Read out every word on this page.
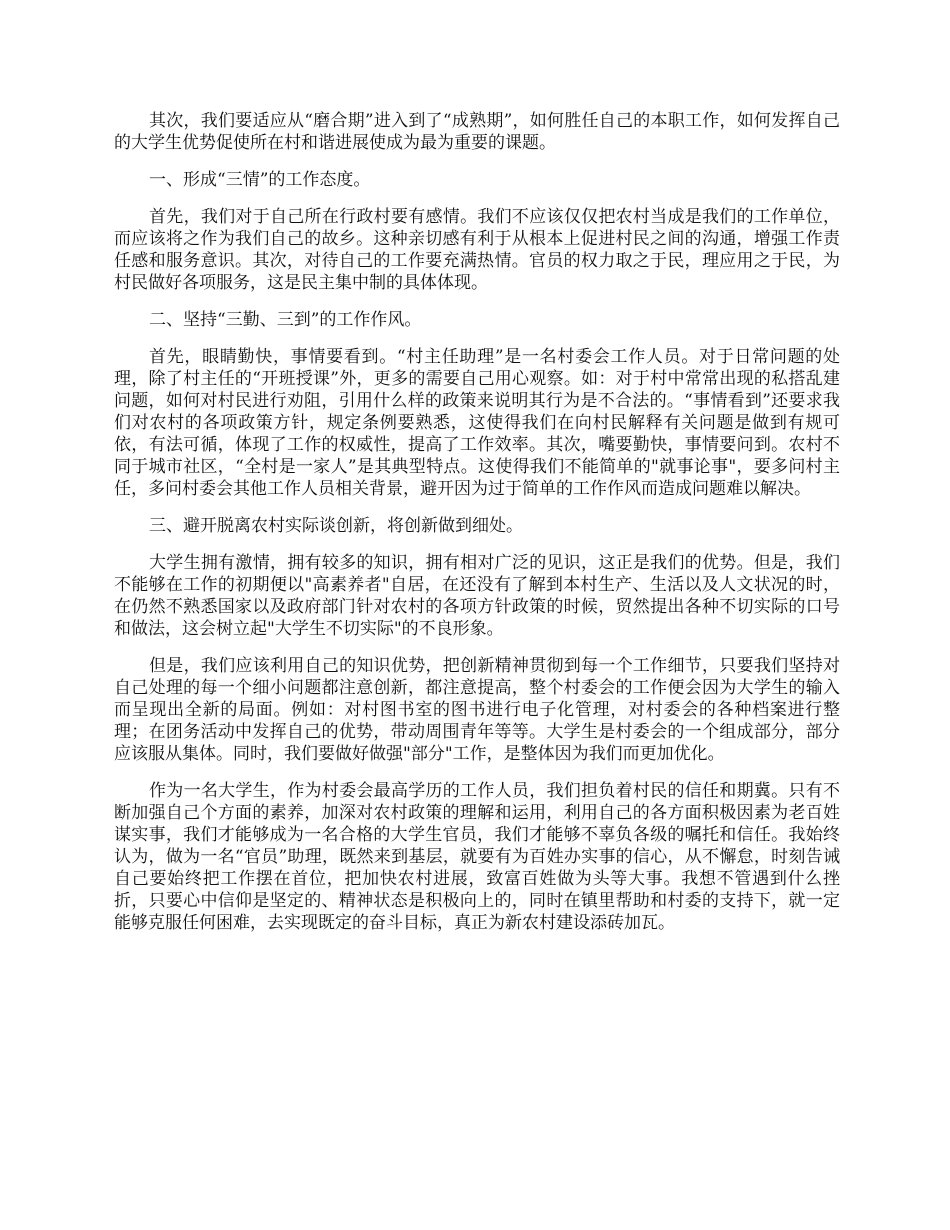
其次，我们要适应从“磨合期”进入到了“成熟期”，如何胜任自己的本职工作，如何发挥自己的大学生优势促使所在村和谐进展使成为最为重要的课题。

一、形成“三情”的工作态度。

首先，我们对于自己所在行政村要有感情。我们不应该仅仅把农村当成是我们的工作单位，而应该将之作为我们自己的故乡。这种亲切感有利于从根本上促进村民之间的沟通，增强工作责任感和服务意识。其次，对待自己的工作要充满热情。官员的权力取之于民，理应用之于民，为村民做好各项服务，这是民主集中制的具体体现。

二、坚持“三勤、三到”的工作作风。

首先，眼睛勤快，事情要看到。“村主任助理”是一名村委会工作人员。对于日常问题的处理，除了村主任的“开班授课”外，更多的需要自己用心观察。如：对于村中常常出现的私搭乱建问题，如何对村民进行劝阻，引用什么样的政策来说明其行为是不合法的。“事情看到”还要求我们对农村的各项政策方针，规定条例要熟悉，这使得我们在向村民解释有关问题是做到有规可依，有法可循，体现了工作的权威性，提高了工作效率。其次，嘴要勤快，事情要问到。农村不同于城市社区，“全村是一家人”是其典型特点。这使得我们不能简单的"就事论事"，要多问村主任，多问村委会其他工作人员相关背景，避开因为过于简单的工作作风而造成问题难以解决。

三、避开脱离农村实际谈创新，将创新做到细处。

大学生拥有激情，拥有较多的知识，拥有相对广泛的见识，这正是我们的优势。但是，我们不能够在工作的初期便以"高素养者"自居，在还没有了解到本村生产、生活以及人文状况的时，在仍然不熟悉国家以及政府部门针对农村的各项方针政策的时候，贸然提出各种不切实际的口号和做法，这会树立起"大学生不切实际"的不良形象。

但是，我们应该利用自己的知识优势，把创新精神贯彻到每一个工作细节，只要我们坚持对自己处理的每一个细小问题都注意创新，都注意提高，整个村委会的工作便会因为大学生的输入而呈现出全新的局面。例如：对村图书室的图书进行电子化管理，对村委会的各种档案进行整理；在团务活动中发挥自己的优势，带动周围青年等等。大学生是村委会的一个组成部分，部分应该服从集体。同时，我们要做好做强"部分"工作，是整体因为我们而更加优化。

作为一名大学生，作为村委会最高学历的工作人员，我们担负着村民的信任和期冀。只有不断加强自己个方面的素养，加深对农村政策的理解和运用，利用自己的各方面积极因素为老百姓谋实事，我们才能够成为一名合格的大学生官员，我们才能够不辜负各级的嘱托和信任。我始终认为，做为一名“官员”助理，既然来到基层，就要有为百姓办实事的信心，从不懈怠，时刻告诫自己要始终把工作摆在首位，把加快农村进展，致富百姓做为头等大事。我想不管遇到什么挫折，只要心中信仰是坚定的、精神状态是积极向上的，同时在镇里帮助和村委的支持下，就一定能够克服任何困难，去实现既定的奋斗目标，真正为新农村建设添砖加瓦。
